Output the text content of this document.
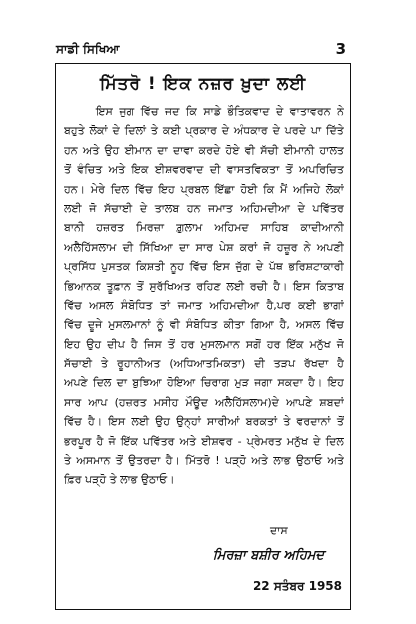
ਸਾਡੀ ਸਿਖਿਆ	3
ਮਿੱਤਰੋ ! ਇਕ ਨਜ਼ਰ ਖ਼ੁਦਾ ਲਈ
ਇਸ ਜੁਗ ਵਿੱਚ ਜਦ ਕਿ ਸਾਡੇ ਭੌਤਿਕਵਾਦ ਦੇ ਵਾਤਾਵਰਨ ਨੇ
ਬਹੁਤੇ ਲੋਕਾਂ ਦੇ ਦਿਲਾਂ ਤੇ ਕਈ ਪ੍ਰਕਾਰ ਦੇ ਅੰਧਕਾਰ ਦੇ ਪਰਦੇ ਪਾ ਦਿੱਤੇ
ਹਨ ਅਤੇ ਉਹ ਈਮਾਨ ਦਾ ਦਾਵਾ ਕਰਦੇ ਹੋਏ ਵੀ ਸੱਚੀ ਈਮਾਨੀ ਹਾਲਤ
ਤੋਂ ਵੰਚਿਤ ਅਤੇ ਇਕ ਈਸ਼ਵਰਵਾਦ ਦੀ ਵਾਸਤਵਿਕਤਾ ਤੋਂ ਅਪਰਿਚਿਤ
ਹਨ। ਮੇਰੇ ਦਿਲ ਵਿੱਚ ਇਹ ਪ੍ਰਬਲ ਇੱਛਾ ਹੋਈ ਕਿ ਮੈਂ ਅਜਿਹੇ ਲੋਕਾਂ
ਲਈ ਜੋ ਸੱਚਾਈ ਦੇ ਤਾਲਬ ਹਨ ਜਮਾਤ ਅਹਿਮਦੀਆ ਦੇ ਪਵਿੱਤਰ
ਬਾਨੀ ਹਜ਼ਰਤ ਮਿਰਜ਼ਾ ਗ਼ੁਲਾਮ ਅਹਿਮਦ ਸਾਹਿਬ ਕਾਦੀਆਨੀ
ਅਲੈਹਿੱਸਲਾਮ ਦੀ ਸਿੱਖਿਆ ਦਾ ਸਾਰ ਪੇਸ਼ ਕਰਾਂ ਜੋ ਹਜ਼ੂਰ ਨੇ ਅਪਣੀ
ਪ੍ਰਸਿੱਧ ਪੁਸਤਕ ਕਿਸ਼ਤੀ ਨੂਹ ਵਿੱਚ ਇਸ ਜੁੱਗ ਦੇ ਪੱਥ ਭਰਿਸ਼ਟਾਕਾਰੀ
ਭਿਆਨਕ ਤੂਫ਼ਾਨ ਤੋਂ ਸੁਰੱਖਿਅਤ ਰਹਿਣ ਲਈ ਰਚੀ ਹੈ। ਇਸ ਕਿਤਾਬ
ਵਿੱਚ ਅਸਲ ਸੰਬੋਧਿਤ ਤਾਂ ਜਮਾਤ ਅਹਿਮਦੀਆ ਹੈ,ਪਰ ਕਈ ਭਾਗਾਂ
ਵਿੱਚ ਦੂਜੇ ਮੁਸਲਮਾਨਾਂ ਨੂੰ ਵੀ ਸੰਬੋਧਿਤ ਕੀਤਾ ਗਿਆ ਹੈ, ਅਸਲ ਵਿੱਚ
ਇਹ ਉਹ ਦੀਪ ਹੈ ਜਿਸ ਤੋਂ ਹਰ ਮੁਸਲਮਾਨ ਸਗੋਂ ਹਰ ਇੱਕ ਮਨੁੱਖ ਜੋ
ਸੱਚਾਈ ਤੇ ਰੂਹਾਨੀਅਤ (ਅਧਿਆਤਮਿਕਤਾ) ਦੀ ਤੜਪ ਰੱਖਦਾ ਹੈ
ਅਪਣੇ ਦਿਲ ਦਾ ਬੁਝਿਆ ਹੋਇਆ ਚਿਰਾਗ ਮੁੜ ਜਗਾ ਸਕਦਾ ਹੈ। ਇਹ
ਸਾਰ ਆਪ (ਹਜ਼ਰਤ ਮਸੀਹ ਮੌਊਦ ਅਲੈਹਿੱਸਲਾਮ)ਦੇ ਆਪਣੇ ਸ਼ਬਦਾਂ
ਵਿੱਚ ਹੈ। ਇਸ ਲਈ ਉਹ ਉਨ੍ਹਾਂ ਸਾਰੀਆਂ ਬਰਕਤਾਂ ਤੇ ਵਰਦਾਨਾਂ ਤੋਂ
ਭਰਪੂਰ ਹੈ ਜੋ ਇੱਕ ਪਵਿੱਤਰ ਅਤੇ ਈਸ਼ਵਰ - ਪ੍ਰੇਮਰਤ ਮਨੁੱਖ ਦੇ ਦਿਲ
ਤੇ ਅਸਮਾਨ ਤੋਂ ਉਤਰਦਾ ਹੈ। ਮਿੱਤਰੋ ! ਪੜ੍ਹੋ ਅਤੇ ਲਾਭ ਉਠਾਓ ਅਤੇ
ਫ਼ਿਰ ਪੜ੍ਹੋ ਤੇ ਲਾਭ ਉਠਾਓ।
ਦਾਸ
ਮਿਰਜ਼ਾ ਬਸ਼ੀਰ ਅਹਿਮਦ
22 ਸਤੰਬਰ 1958
